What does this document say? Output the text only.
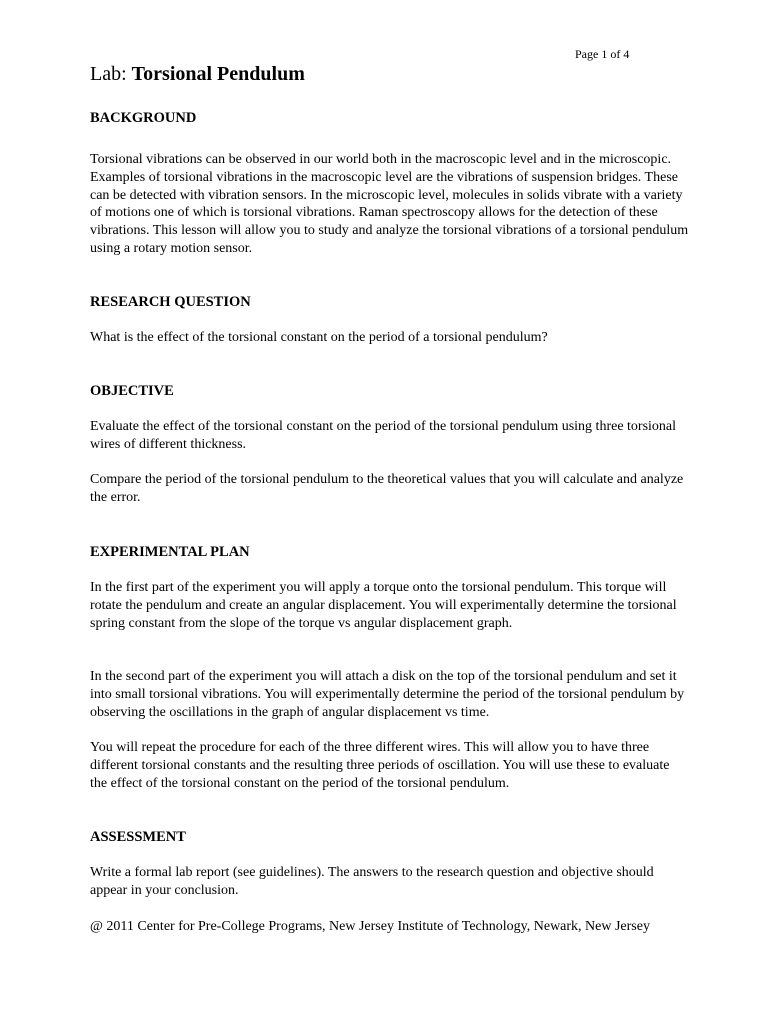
Page 1 of 4
Lab: Torsional Pendulum
BACKGROUND

Torsional vibrations can be observed in our world both in the macroscopic level and in the microscopic. Examples of torsional vibrations in the macroscopic level are the vibrations of suspension bridges. These can be detected with vibration sensors. In the microscopic level, molecules in solids vibrate with a variety of motions one of which is torsional vibrations. Raman spectroscopy allows for the detection of these vibrations. This lesson will allow you to study and analyze the torsional vibrations of a torsional pendulum using a rotary motion sensor.

RESEARCH QUESTION

What is the effect of the torsional constant on the period of a torsional pendulum?

OBJECTIVE

Evaluate the effect of the torsional constant on the period of the torsional pendulum using three torsional wires of different thickness.

Compare the period of the torsional pendulum to the theoretical values that you will calculate and analyze the error.

EXPERIMENTAL PLAN

In the first part of the experiment you will apply a torque onto the torsional pendulum. This torque will rotate the pendulum and create an angular displacement. You will experimentally determine the torsional spring constant from the slope of the torque vs angular displacement graph.

In the second part of the experiment you will attach a disk on the top of the torsional pendulum and set it into small torsional vibrations. You will experimentally determine the period of the torsional pendulum by observing the oscillations in the graph of angular displacement vs time.

You will repeat the procedure for each of the three different wires. This will allow you to have three different torsional constants and the resulting three periods of oscillation. You will use these to evaluate the effect of the torsional constant on the period of the torsional pendulum.

ASSESSMENT

Write a formal lab report (see guidelines). The answers to the research question and objective should appear in your conclusion.

@ 2011 Center for Pre-College Programs, New Jersey Institute of Technology, Newark, New Jersey
